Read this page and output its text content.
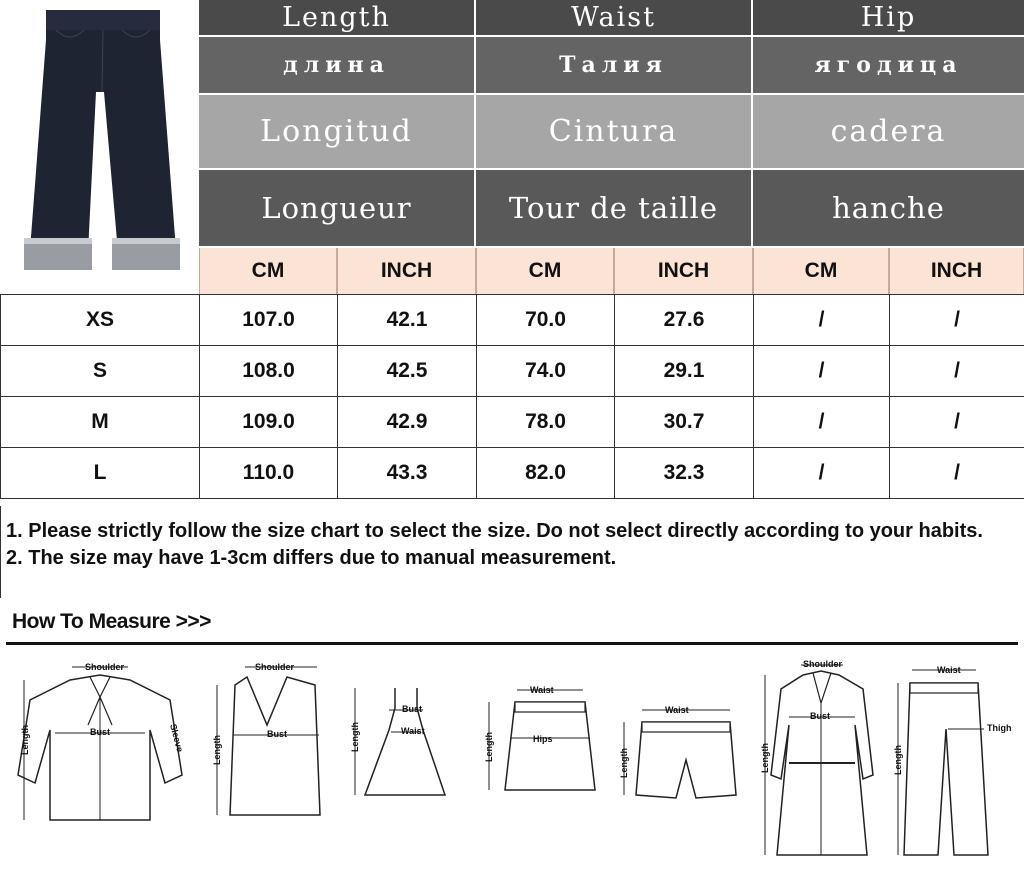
Length	Waist	Hip
длина	Талия	ягодица
Longitud	Cintura	cadera
Longueur	Tour de taille	hanche
CM	INCH	CM	INCH	CM	INCH
XS	107.0	42.1	70.0	27.6	/	/
S	108.0	42.5	74.0	29.1	/	/
M	109.0	42.9	78.0	30.7	/	/
L	110.0	43.3	82.0	32.3	/	/

1. Please strictly follow the size chart to select the size. Do not select directly according to your habits.

2. The size may have 1-3cm differs due to manual measurement.

How To Measure >>>
Shoulder
Bust
Length	Sleeve
Shoulder
Bust
Length
Bust
Waist
Length
Waist
Hips
Length
Waist
Length
Shoulder
Bust
Length
Waist
Thigh
Length
